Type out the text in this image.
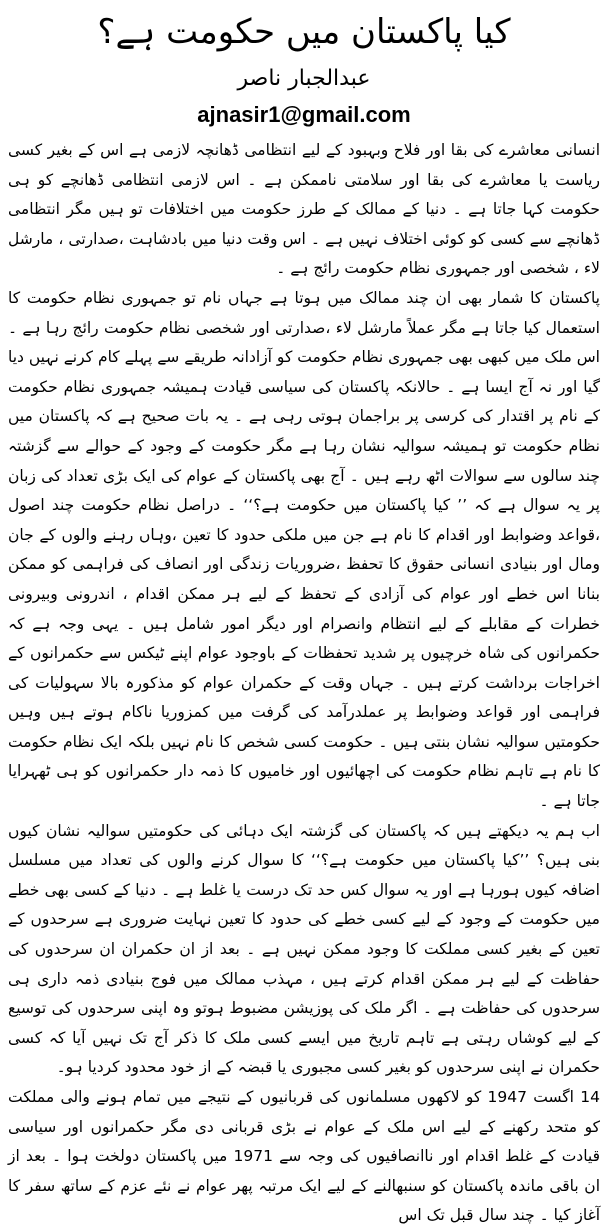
کیا پاکستان میں حکومت ہے؟
عبدالجبار ناصر
ajnasir1@gmail.com

انسانی معاشرے کی بقا اور فلاح وبہبود کے لیے انتظامی ڈھانچہ لازمی ہے اس کے بغیر کسی ریاست یا معاشرے کی بقا اور سلامتی ناممکن ہے ۔ اس لازمی انتظامی ڈھانچے کو ہی حکومت کہا جاتا ہے ۔ دنیا کے ممالک کے طرز حکومت میں اختلافات تو ہیں مگر انتظامی ڈھانچے سے کسی کو کوئی اختلاف نہیں ہے ۔ اس وقت دنیا میں بادشاہت ،صدارتی ، مارشل لاء ، شخصی اور جمہوری نظام حکومت رائج ہے ۔

پاکستان کا شمار بھی ان چند ممالک میں ہوتا ہے جہاں نام تو جمہوری نظام حکومت کا استعمال کیا جاتا ہے مگر عملاً مارشل لاء ،صدارتی اور شخصی نظام حکومت رائج رہا ہے ۔ اس ملک میں کبھی بھی جمہوری نظام حکومت کو آزادانہ طریقے سے پہلے کام کرنے نہیں دیا گیا اور نہ آج ایسا ہے ۔ حالانکہ پاکستان کی سیاسی قیادت ہمیشہ جمہوری نظام حکومت کے نام پر اقتدار کی کرسی پر براجمان ہوتی رہی ہے ۔ یہ بات صحیح ہے کہ پاکستان میں نظام حکومت تو ہمیشہ سوالیہ نشان رہا ہے مگر حکومت کے وجود کے حوالے سے گزشتہ چند سالوں سے سوالات اٹھ رہے ہیں ۔ آج بھی پاکستان کے عوام کی ایک بڑی تعداد کی زبان پر یہ سوال ہے کہ ’’ کیا پاکستان میں حکومت ہے؟‘‘ ۔ دراصل نظام حکومت چند اصول ،قواعد وضوابط اور اقدام کا نام ہے جن میں ملکی حدود کا تعین ،وہاں رہنے والوں کے جان ومال اور بنیادی انسانی حقوق کا تحفظ ،ضروریات زندگی اور انصاف کی فراہمی کو ممکن بنانا اس خطے اور عوام کی آزادی کے تحفظ کے لیے ہر ممکن اقدام ، اندرونی وبیرونی خطرات کے مقابلے کے لیے انتظام وانصرام اور دیگر امور شامل ہیں ۔ یہی وجہ ہے کہ حکمرانوں کی شاہ خرچیوں پر شدید تحفظات کے باوجود عوام اپنے ٹیکس سے حکمرانوں کے اخراجات برداشت کرتے ہیں ۔ جہاں وقت کے حکمران عوام کو مذکورہ بالا سہولیات کی فراہمی اور قواعد وضوابط پر عملدرآمد کی گرفت میں کمزوریا ناکام ہوتے ہیں وہیں حکومتیں سوالیہ نشان بنتی ہیں ۔ حکومت کسی شخص کا نام نہیں بلکہ ایک نظام حکومت کا نام ہے تاہم نظام حکومت کی اچھائیوں اور خامیوں کا ذمہ دار حکمرانوں کو ہی ٹھہرایا جاتا ہے ۔

اب ہم یہ دیکھتے ہیں کہ پاکستان کی گزشتہ ایک دہائی کی حکومتیں سوالیہ نشان کیوں بنی ہیں؟ ’’کیا پاکستان میں حکومت ہے؟‘‘ کا سوال کرنے والوں کی تعداد میں مسلسل اضافہ کیوں ہورہا ہے اور یہ سوال کس حد تک درست یا غلط ہے ۔ دنیا کے کسی بھی خطے میں حکومت کے وجود کے لیے کسی خطے کی حدود کا تعین نہایت ضروری ہے سرحدوں کے تعین کے بغیر کسی مملکت کا وجود ممکن نہیں ہے ۔ بعد از ان حکمران ان سرحدوں کی حفاظت کے لیے ہر ممکن اقدام کرتے ہیں ، مہذب ممالک میں فوج بنیادی ذمہ داری ہی سرحدوں کی حفاظت ہے ۔ اگر ملک کی پوزیشن مضبوط ہوتو وہ اپنی سرحدوں کی توسیع کے لیے کوشاں رہتی ہے تاہم تاریخ میں ایسے کسی ملک کا ذکر آج تک نہیں آیا کہ کسی حکمران نے اپنی سرحدوں کو بغیر کسی مجبوری یا قبضہ کے از خود محدود کردیا ہو۔

14 اگست 1947 کو لاکھوں مسلمانوں کی قربانیوں کے نتیجے میں تمام ہونے والی مملکت کو متحد رکھنے کے لیے اس ملک کے عوام نے بڑی قربانی دی مگر حکمرانوں اور سیاسی قیادت کے غلط اقدام اور ناانصافیوں کی وجہ سے 1971 میں پاکستان دولخت ہوا ۔ بعد از ان باقی ماندہ پاکستان کو سنبھالنے کے لیے ایک مرتبہ پھر عوام نے نئے عزم کے ساتھ سفر کا آغاز کیا ۔ چند سال قبل تک اس
